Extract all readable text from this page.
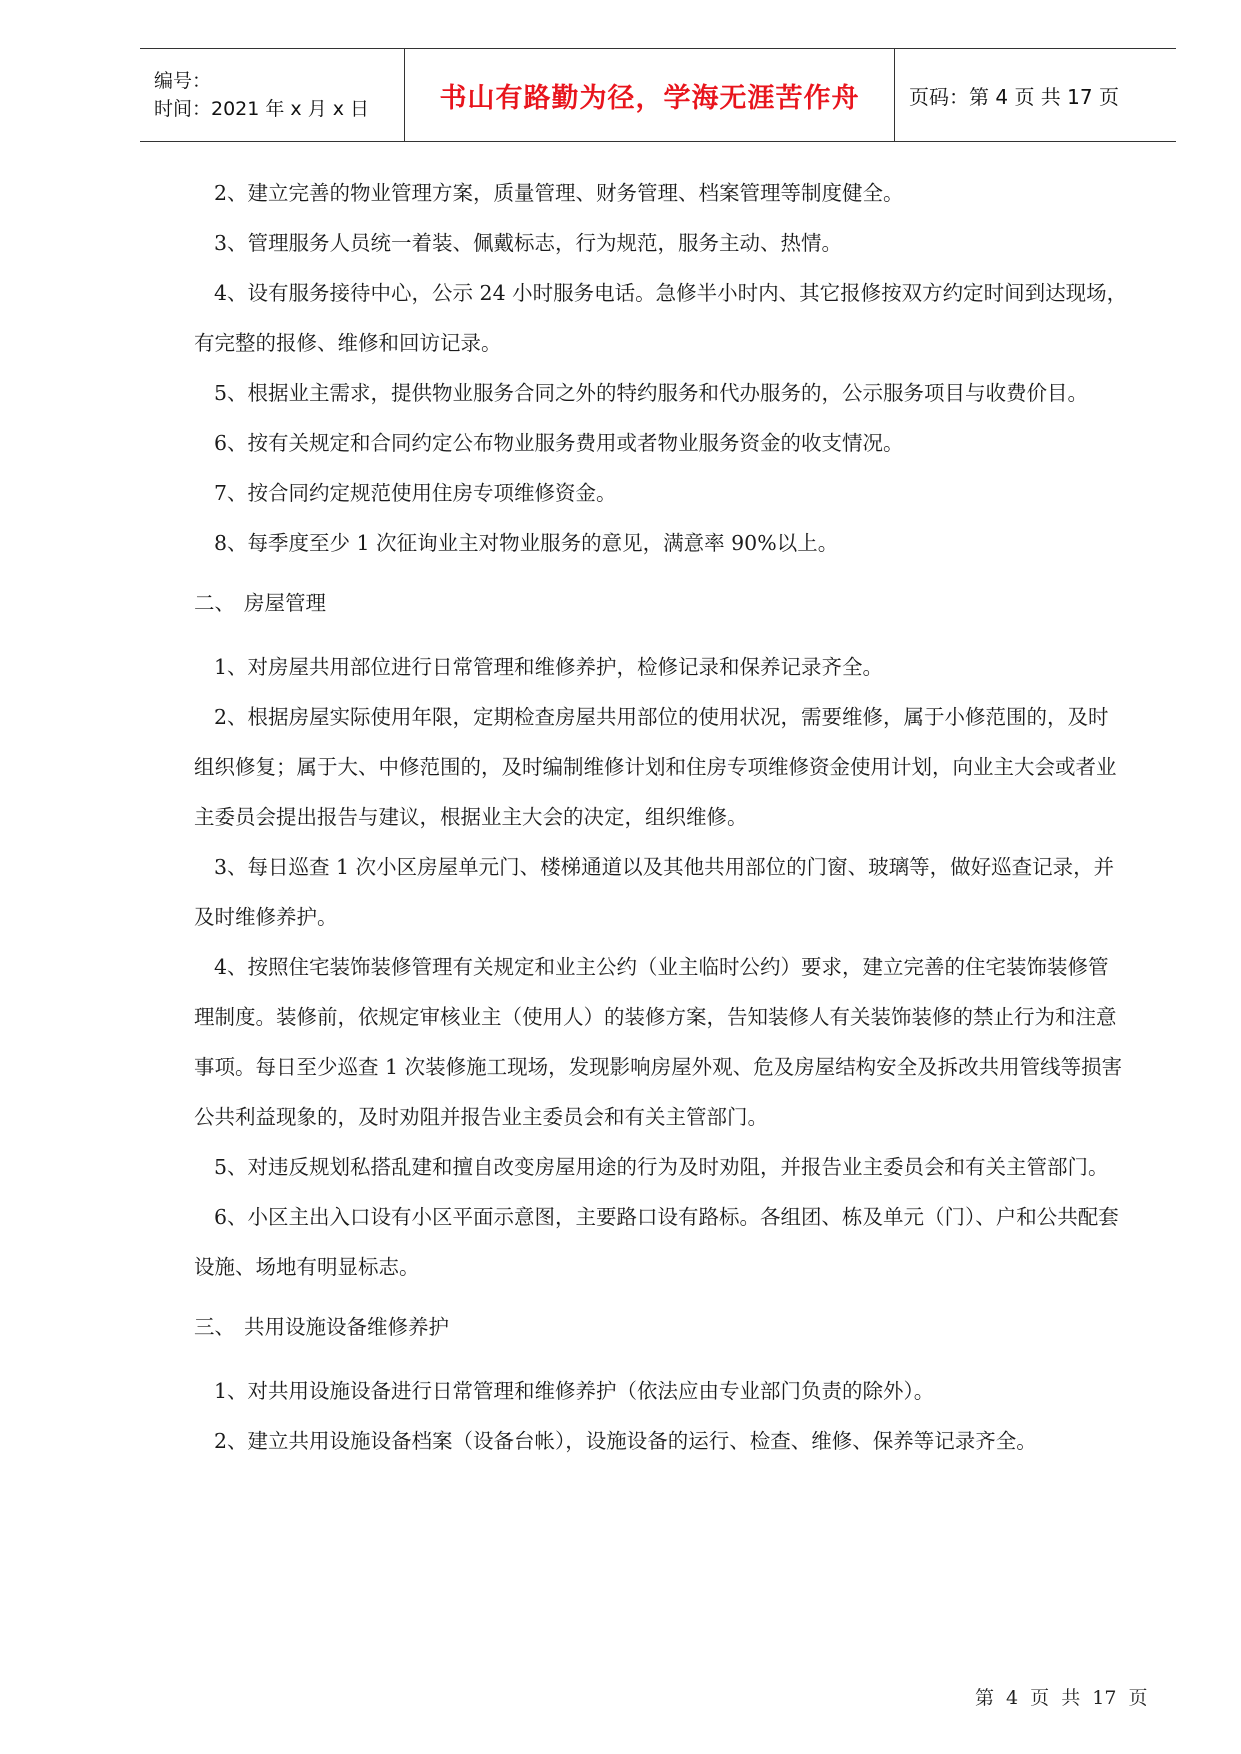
编号：
时间：2021 年 x 月 x 日	书山有路勤为径，学海无涯苦作舟 页码：第 4 页 共 17 页

2、建立完善的物业管理方案，质量管理、财务管理、档案管理等制度健全。

3、管理服务人员统一着装、佩戴标志，行为规范，服务主动、热情。

4、设有服务接待中心，公示 24 小时服务电话。急修半小时内、其它报修按双方约定时间到达现场，有完整的报修、维修和回访记录。

5、根据业主需求，提供物业服务合同之外的特约服务和代办服务的，公示服务项目与收费价目。

6、按有关规定和合同约定公布物业服务费用或者物业服务资金的收支情况。

7、按合同约定规范使用住房专项维修资金。

8、每季度至少 1 次征询业主对物业服务的意见，满意率 90%以上。

二、 房屋管理

1、对房屋共用部位进行日常管理和维修养护，检修记录和保养记录齐全。

2、根据房屋实际使用年限，定期检查房屋共用部位的使用状况，需要维修，属于小修范围的，及时组织修复；属于大、中修范围的，及时编制维修计划和住房专项维修资金使用计划，向业主大会或者业主委员会提出报告与建议，根据业主大会的决定，组织维修。

3、每日巡查 1 次小区房屋单元门、楼梯通道以及其他共用部位的门窗、玻璃等，做好巡查记录，并及时维修养护。

4、按照住宅装饰装修管理有关规定和业主公约（业主临时公约）要求，建立完善的住宅装饰装修管理制度。装修前，依规定审核业主（使用人）的装修方案，告知装修人有关装饰装修的禁止行为和注意事项。每日至少巡查 1 次装修施工现场，发现影响房屋外观、危及房屋结构安全及拆改共用管线等损害公共利益现象的，及时劝阻并报告业主委员会和有关主管部门。

5、对违反规划私搭乱建和擅自改变房屋用途的行为及时劝阻，并报告业主委员会和有关主管部门。

6、小区主出入口设有小区平面示意图，主要路口设有路标。各组团、栋及单元（门）、户和公共配套设施、场地有明显标志。

三、 共用设施设备维修养护

1、对共用设施设备进行日常管理和维修养护（依法应由专业部门负责的除外）。

2、建立共用设施设备档案（设备台帐），设施设备的运行、检查、维修、保养等记录齐全。

第 4 页 共 17 页
